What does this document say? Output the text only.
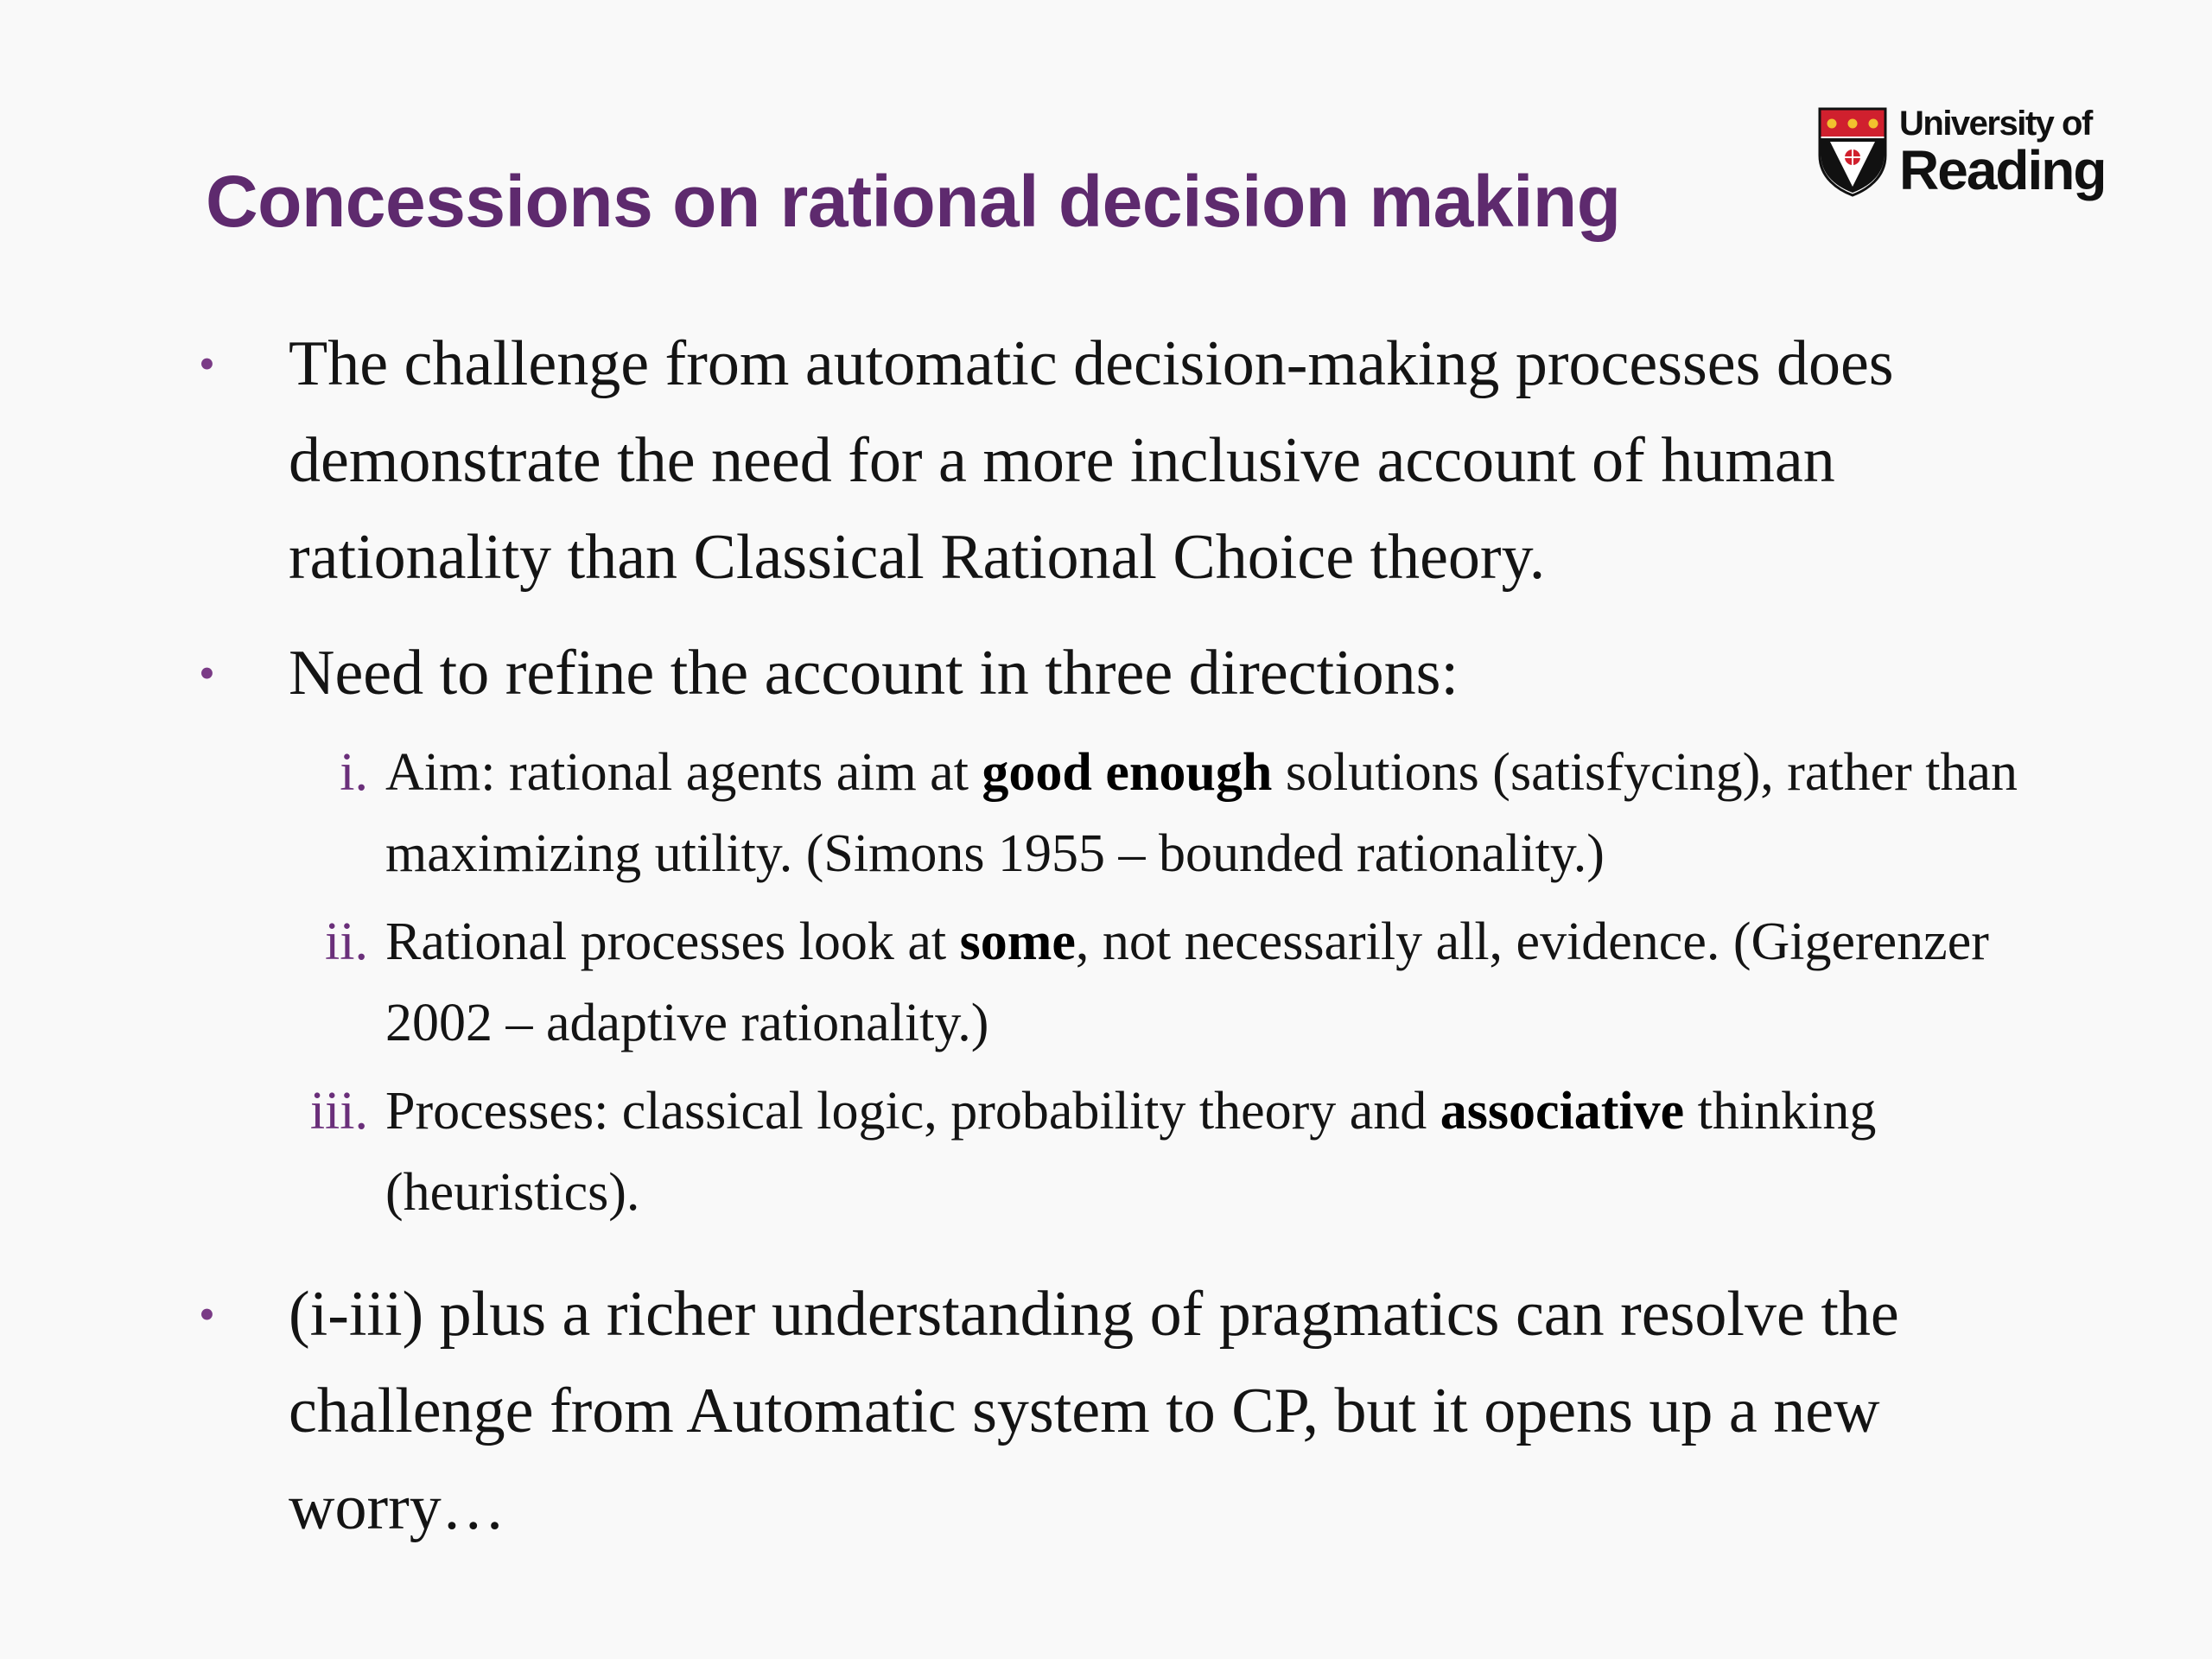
Concessions on rational decision making
University of
Reading
• The challenge from automatic decision-making processes does demonstrate the need for a more inclusive account of human rationality than Classical Rational Choice theory.
• Need to refine the account in three directions:
i. Aim: rational agents aim at good enough solutions (satisfycing), rather than maximizing utility. (Simons 1955 – bounded rationality.)
ii. Rational processes look at some, not necessarily all, evidence. (Gigerenzer 2002 – adaptive rationality.)
iii. Processes: classical logic, probability theory and associative thinking (heuristics).
• (i-iii) plus a richer understanding of pragmatics can resolve the challenge from Automatic system to CP, but it opens up a new worry…
